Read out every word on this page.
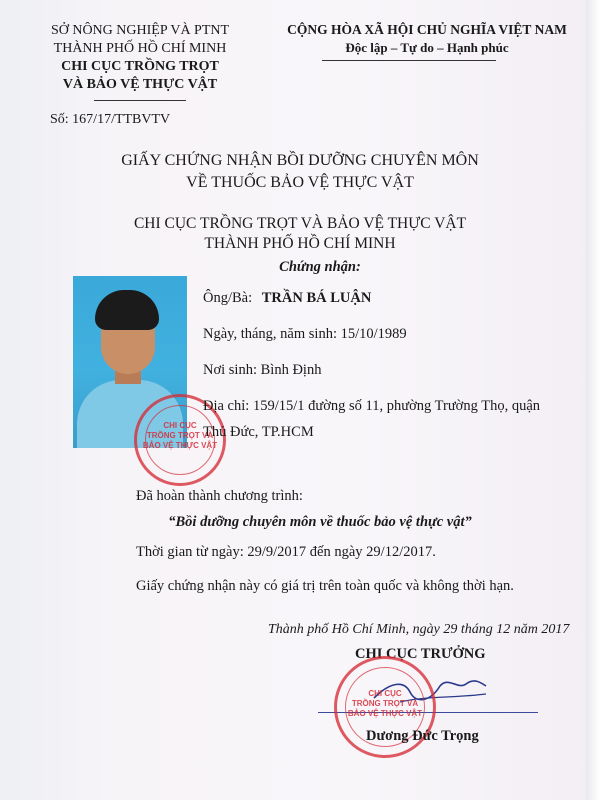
SỞ NÔNG NGHIỆP VÀ PTNT
THÀNH PHỐ HỒ CHÍ MINH
CHI CỤC TRỒNG TRỌT
VÀ BẢO VỆ THỰC VẬT
Số: 167/17/TTBVTV
CỘNG HÒA XÃ HỘI CHỦ NGHĨA VIỆT NAM
Độc lập – Tự do – Hạnh phúc
GIẤY CHỨNG NHẬN BỒI DƯỠNG CHUYÊN MÔN
VỀ THUỐC BẢO VỆ THỰC VẬT
CHI CỤC TRỒNG TRỌT VÀ BẢO VỆ THỰC VẬT
THÀNH PHỐ HỒ CHÍ MINH
Chứng nhận:
CHI CỤC
TRỒNG TRỌT VÀ
BẢO VỆ THỰC VẬT
Ông/Bà: TRẦN BÁ LUẬN
Ngày, tháng, năm sinh: 15/10/1989
Nơi sinh: Bình Định
Địa chỉ: 159/15/1 đường số 11, phường Trường Thọ, quận
Thủ Đức, TP.HCM
Đã hoàn thành chương trình:
“Bồi dưỡng chuyên môn về thuốc bảo vệ thực vật”
Thời gian từ ngày: 29/9/2017 đến ngày 29/12/2017.
Giấy chứng nhận này có giá trị trên toàn quốc và không thời hạn.
Thành phố Hồ Chí Minh, ngày 29 tháng 12 năm 2017
CHI CỤC TRƯỞNG
CHI CỤC
TRỒNG TRỌT VÀ
BẢO VỆ THỰC VẬT
Dương Đức Trọng
